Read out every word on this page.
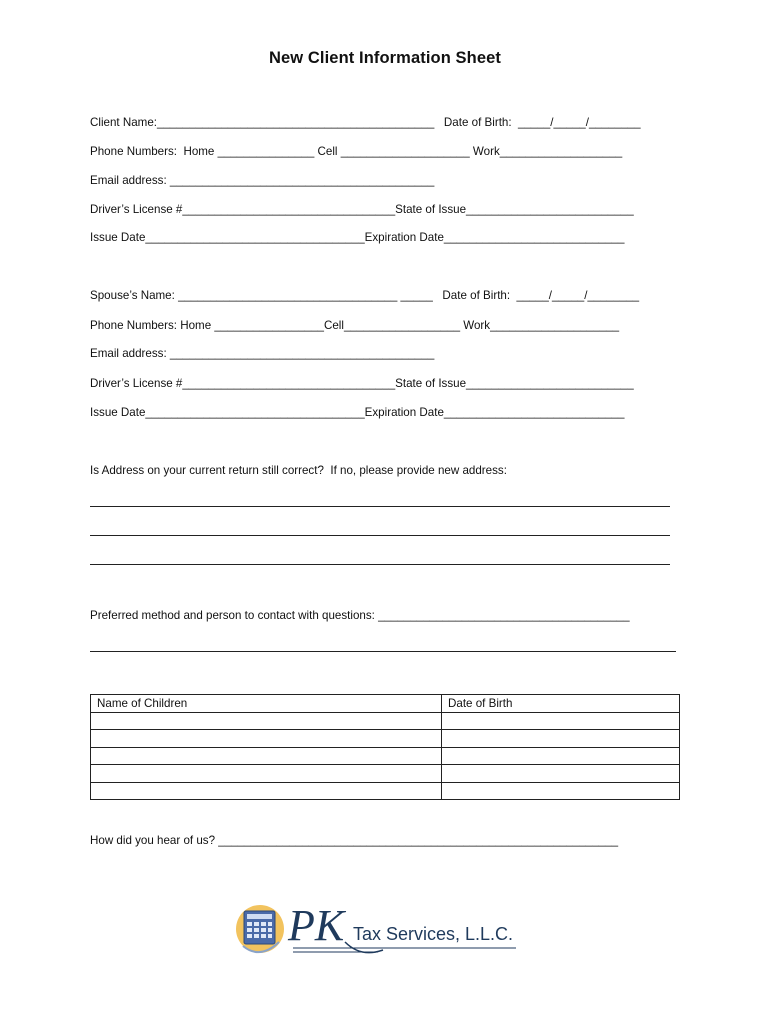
New Client Information Sheet
Client Name:___________________________________________   Date of Birth:  _____/_____/________
Phone Numbers:  Home _______________ Cell ____________________ Work___________________
Email address: _________________________________________
Driver’s License #_________________________________State of Issue__________________________
Issue Date__________________________________Expiration Date____________________________
Spouse’s Name: __________________________________ _____   Date of Birth:  _____/_____/________
Phone Numbers: Home _________________Cell__________________ Work____________________
Email address: _________________________________________
Driver’s License #_________________________________State of Issue__________________________
Issue Date__________________________________Expiration Date____________________________
Is Address on your current return still correct?  If no, please provide new address:
Preferred method and person to contact with questions: _______________________________________
Name of Children	Date of Birth

How did you hear of us? ______________________________________________________________
PK Tax Services, L.L.C.
